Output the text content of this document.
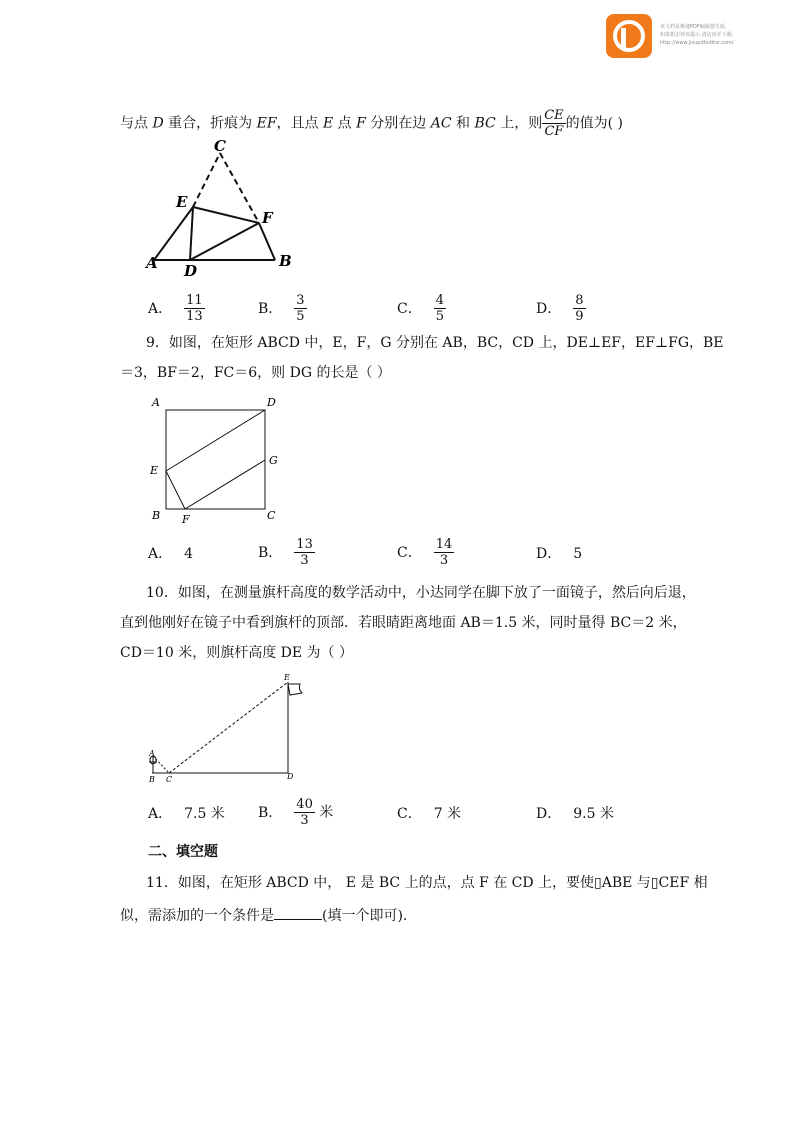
该文档是极速PDF编辑器生成,
如果想去掉该提示,请访问并下载:
http://www.jisupdfeditor.com/
与点 D 重合，折痕为 EF，且点 E 点 F 分别在边 AC 和 BC 上，则 $\frac{CE}{CF}$ 的值为( )
C
E
F
A D
B
A． $\frac{11}{13}$	B． $\frac{3}{5}$	C． $\frac{4}{5}$	D． $\frac{8}{9}$
9．如图，在矩形 ABCD 中，E，F，G 分别在 AB，BC，CD 上，DE⊥EF，EF⊥FG，BE
＝3，BF＝2，FC＝6，则 DG 的长是（ ）
A	D
E
G
B F	C
A． 4	B． $\frac{13}{3}$	C． $\frac{14}{3}$	D． 5
10．如图，在测量旗杆高度的数学活动中，小达同学在脚下放了一面镜子，然后向后退，
直到他刚好在镜子中看到旗杆的顶部．若眼睛距离地面 AB＝1.5 米，同时量得 BC＝2 米，
CD＝10 米，则旗杆高度 DE 为（ ）
E
A
B C	D
A． 7.5 米 B． $\frac{40}{3}$ 米	C． 7 米	D． 9.5 米
二、填空题
11．如图，在矩形 ABCD 中， E 是 BC 上的点，点 F 在 CD 上，要使▯ABE 与▯CEF 相
似，需添加的一个条件是	(填一个即可).
